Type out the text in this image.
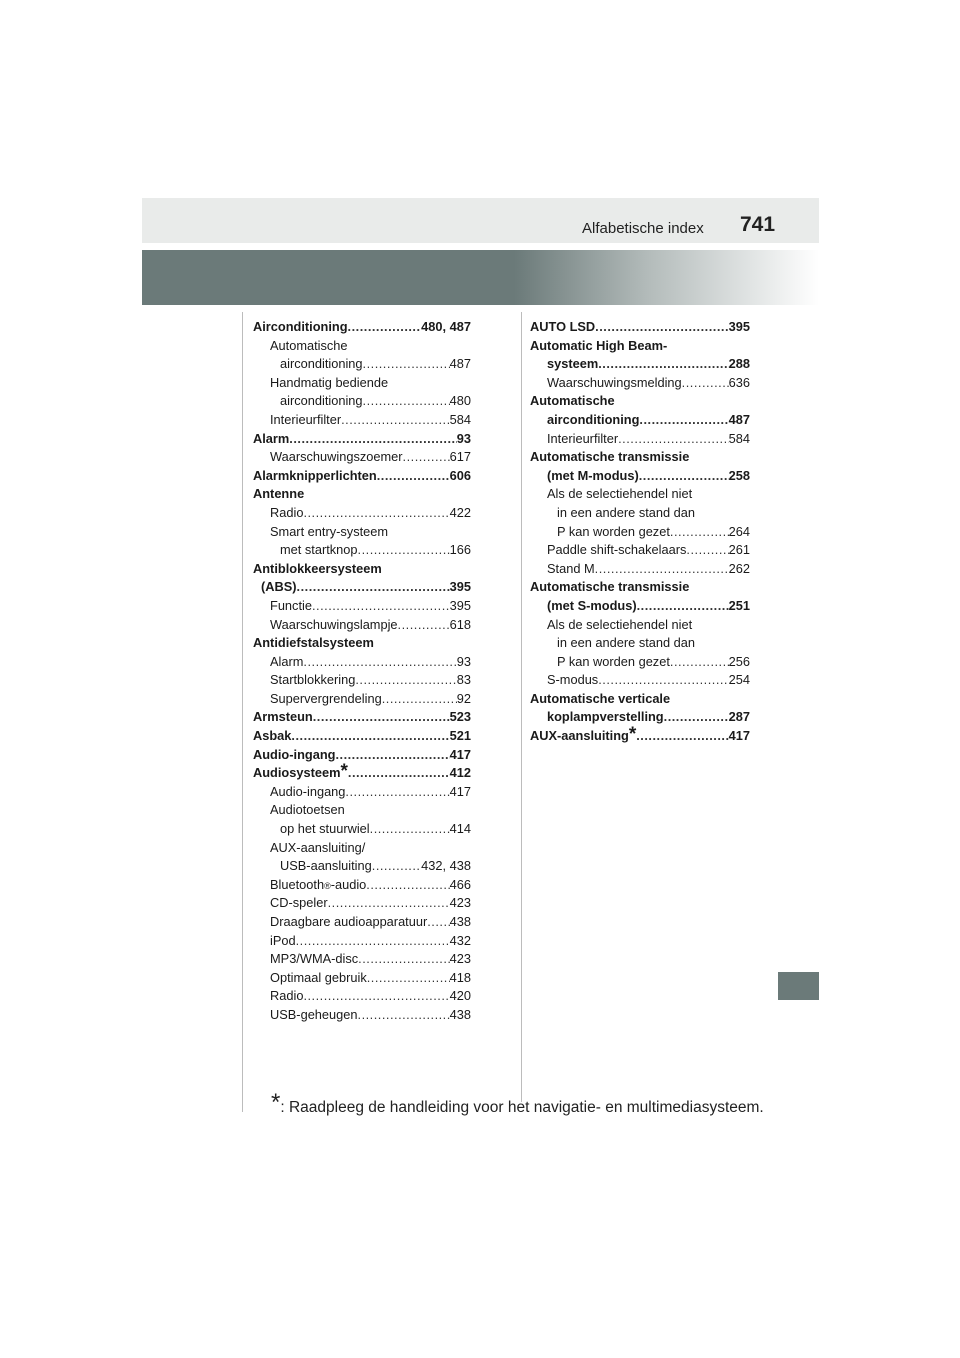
Alfabetische index 741
Airconditioning .....	480, 487
Automatische
airconditioning .....	487
Handmatig bediende
airconditioning .....	480
Interieurfilter .....	584
Alarm .....	93
Waarschuwingszoemer .....	617
Alarmknipperlichten .....	606
Antenne
Radio .....	422
Smart entry-systeem
met startknop .....	166
Antiblokkeersysteem
(ABS) .....	395
Functie .....	395
Waarschuwingslampje .....	618
Antidiefstalsysteem
Alarm .....	93
Startblokkering .....	83
Supervergrendeling .....	92
Armsteun .....	523
Asbak .....	521
Audio-ingang .....	417
Audiosysteem * .....	412
Audio-ingang .....	417
Audiotoetsen
op het stuurwiel .....	414
AUX-aansluiting/
USB-aansluiting .....	432, 438
Bluetooth ® -audio .....	466
CD-speler .....	423
Draagbare audioapparatuur ..... 438
iPod .....	432
MP3/WMA-disc .....	423
Optimaal gebruik .....	418
Radio .....	420
USB-geheugen .....	438
AUTO LSD .....	395
Automatic High Beam-
systeem .....	288
Waarschuwingsmelding .....	636
Automatische
airconditioning .....	487
Interieurfilter .....	584
Automatische transmissie
(met M-modus) .....	258
Als de selectiehendel niet
in een andere stand dan
P kan worden gezet .....	264
Paddle shift-schakelaars .....	261
Stand M .....	262
Automatische transmissie
(met S-modus) .....	251
Als de selectiehendel niet
in een andere stand dan
P kan worden gezet .....	256
S-modus .....	254
Automatische verticale
koplampverstelling .....	287
AUX-aansluiting * .....	417
*: Raadpleeg de handleiding voor het navigatie- en multimediasysteem.
